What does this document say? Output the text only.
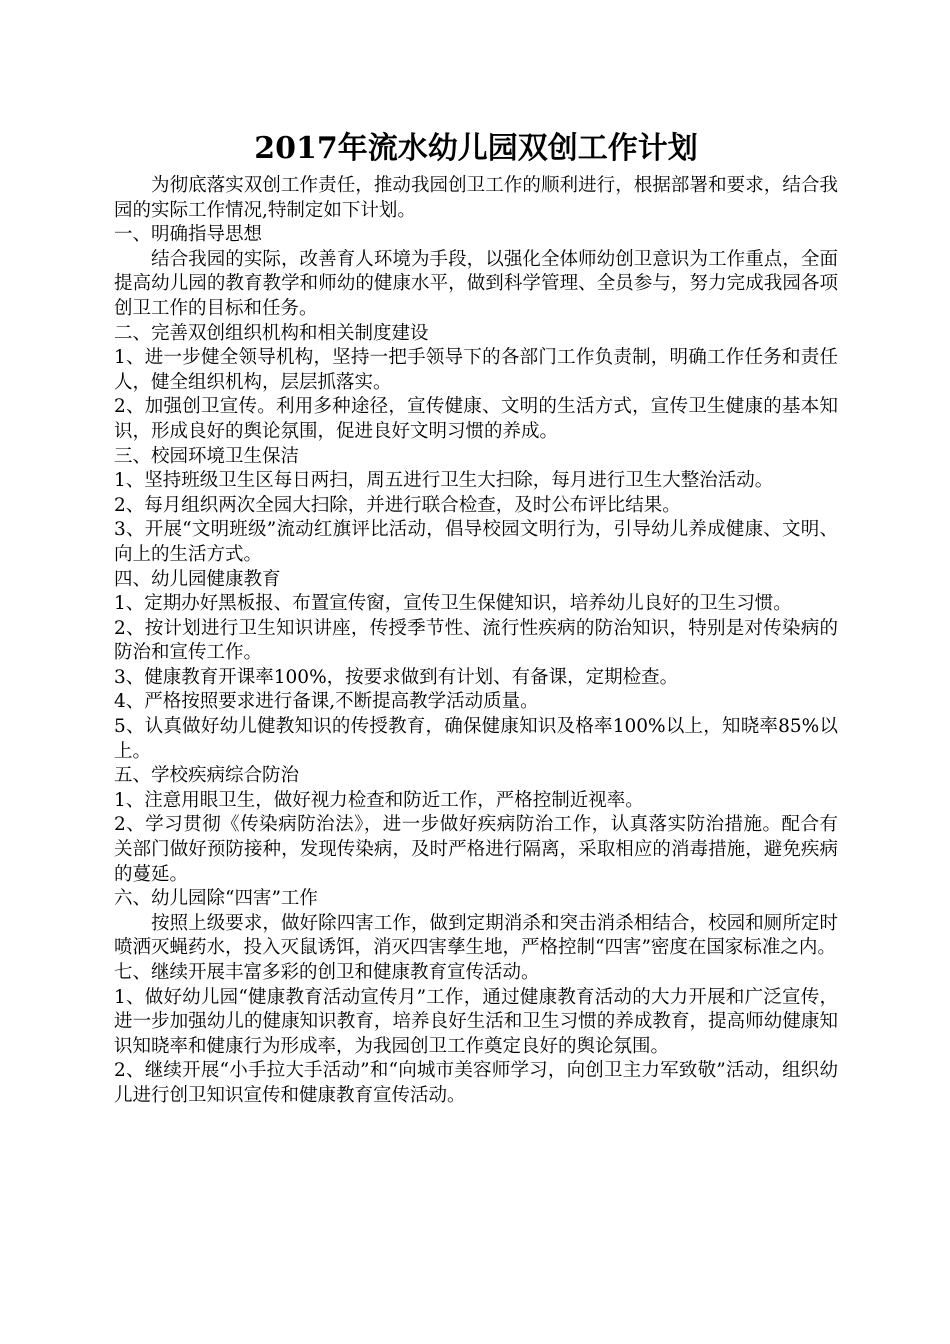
2017年流水幼儿园双创工作计划

为彻底落实双创工作责任，推动我园创卫工作的顺利进行，根据部署和要求，结合我园的实际工作情况,特制定如下计划。

一、明确指导思想

结合我园的实际，改善育人环境为手段，以强化全体师幼创卫意识为工作重点，全面提高幼儿园的教育教学和师幼的健康水平，做到科学管理、全员参与，努力完成我园各项创卫工作的目标和任务。

二、完善双创组织机构和相关制度建设

1、进一步健全领导机构，坚持一把手领导下的各部门工作负责制，明确工作任务和责任人，健全组织机构，层层抓落实。

2、加强创卫宣传。利用多种途径，宣传健康、文明的生活方式，宣传卫生健康的基本知识，形成良好的舆论氛围，促进良好文明习惯的养成。

三、校园环境卫生保洁

1、坚持班级卫生区每日两扫，周五进行卫生大扫除，每月进行卫生大整治活动。

2、每月组织两次全园大扫除，并进行联合检查，及时公布评比结果。

3、开展“文明班级”流动红旗评比活动，倡导校园文明行为，引导幼儿养成健康、文明、向上的生活方式。

四、幼儿园健康教育

1、定期办好黑板报、布置宣传窗，宣传卫生保健知识，培养幼儿良好的卫生习惯。

2、按计划进行卫生知识讲座，传授季节性、流行性疾病的防治知识，特别是对传染病的防治和宣传工作。

3、健康教育开课率100%，按要求做到有计划、有备课，定期检查。

4、严格按照要求进行备课,不断提高教学活动质量。

5、认真做好幼儿健教知识的传授教育，确保健康知识及格率100%以上，知晓率85%以上。

五、学校疾病综合防治

1、注意用眼卫生，做好视力检查和防近工作，严格控制近视率。

2、学习贯彻《传染病防治法》，进一步做好疾病防治工作，认真落实防治措施。配合有关部门做好预防接种，发现传染病，及时严格进行隔离，采取相应的消毒措施，避免疾病的蔓延。

六、幼儿园除“四害”工作

按照上级要求，做好除四害工作，做到定期消杀和突击消杀相结合，校园和厕所定时喷洒灭蝇药水，投入灭鼠诱饵，消灭四害孳生地，严格控制“四害”密度在国家标准之内。

七、继续开展丰富多彩的创卫和健康教育宣传活动。

1、做好幼儿园“健康教育活动宣传月”工作，通过健康教育活动的大力开展和广泛宣传，进一步加强幼儿的健康知识教育，培养良好生活和卫生习惯的养成教育，提高师幼健康知识知晓率和健康行为形成率，为我园创卫工作奠定良好的舆论氛围。

2、继续开展“小手拉大手活动”和“向城市美容师学习，向创卫主力军致敬”活动，组织幼儿进行创卫知识宣传和健康教育宣传活动。
